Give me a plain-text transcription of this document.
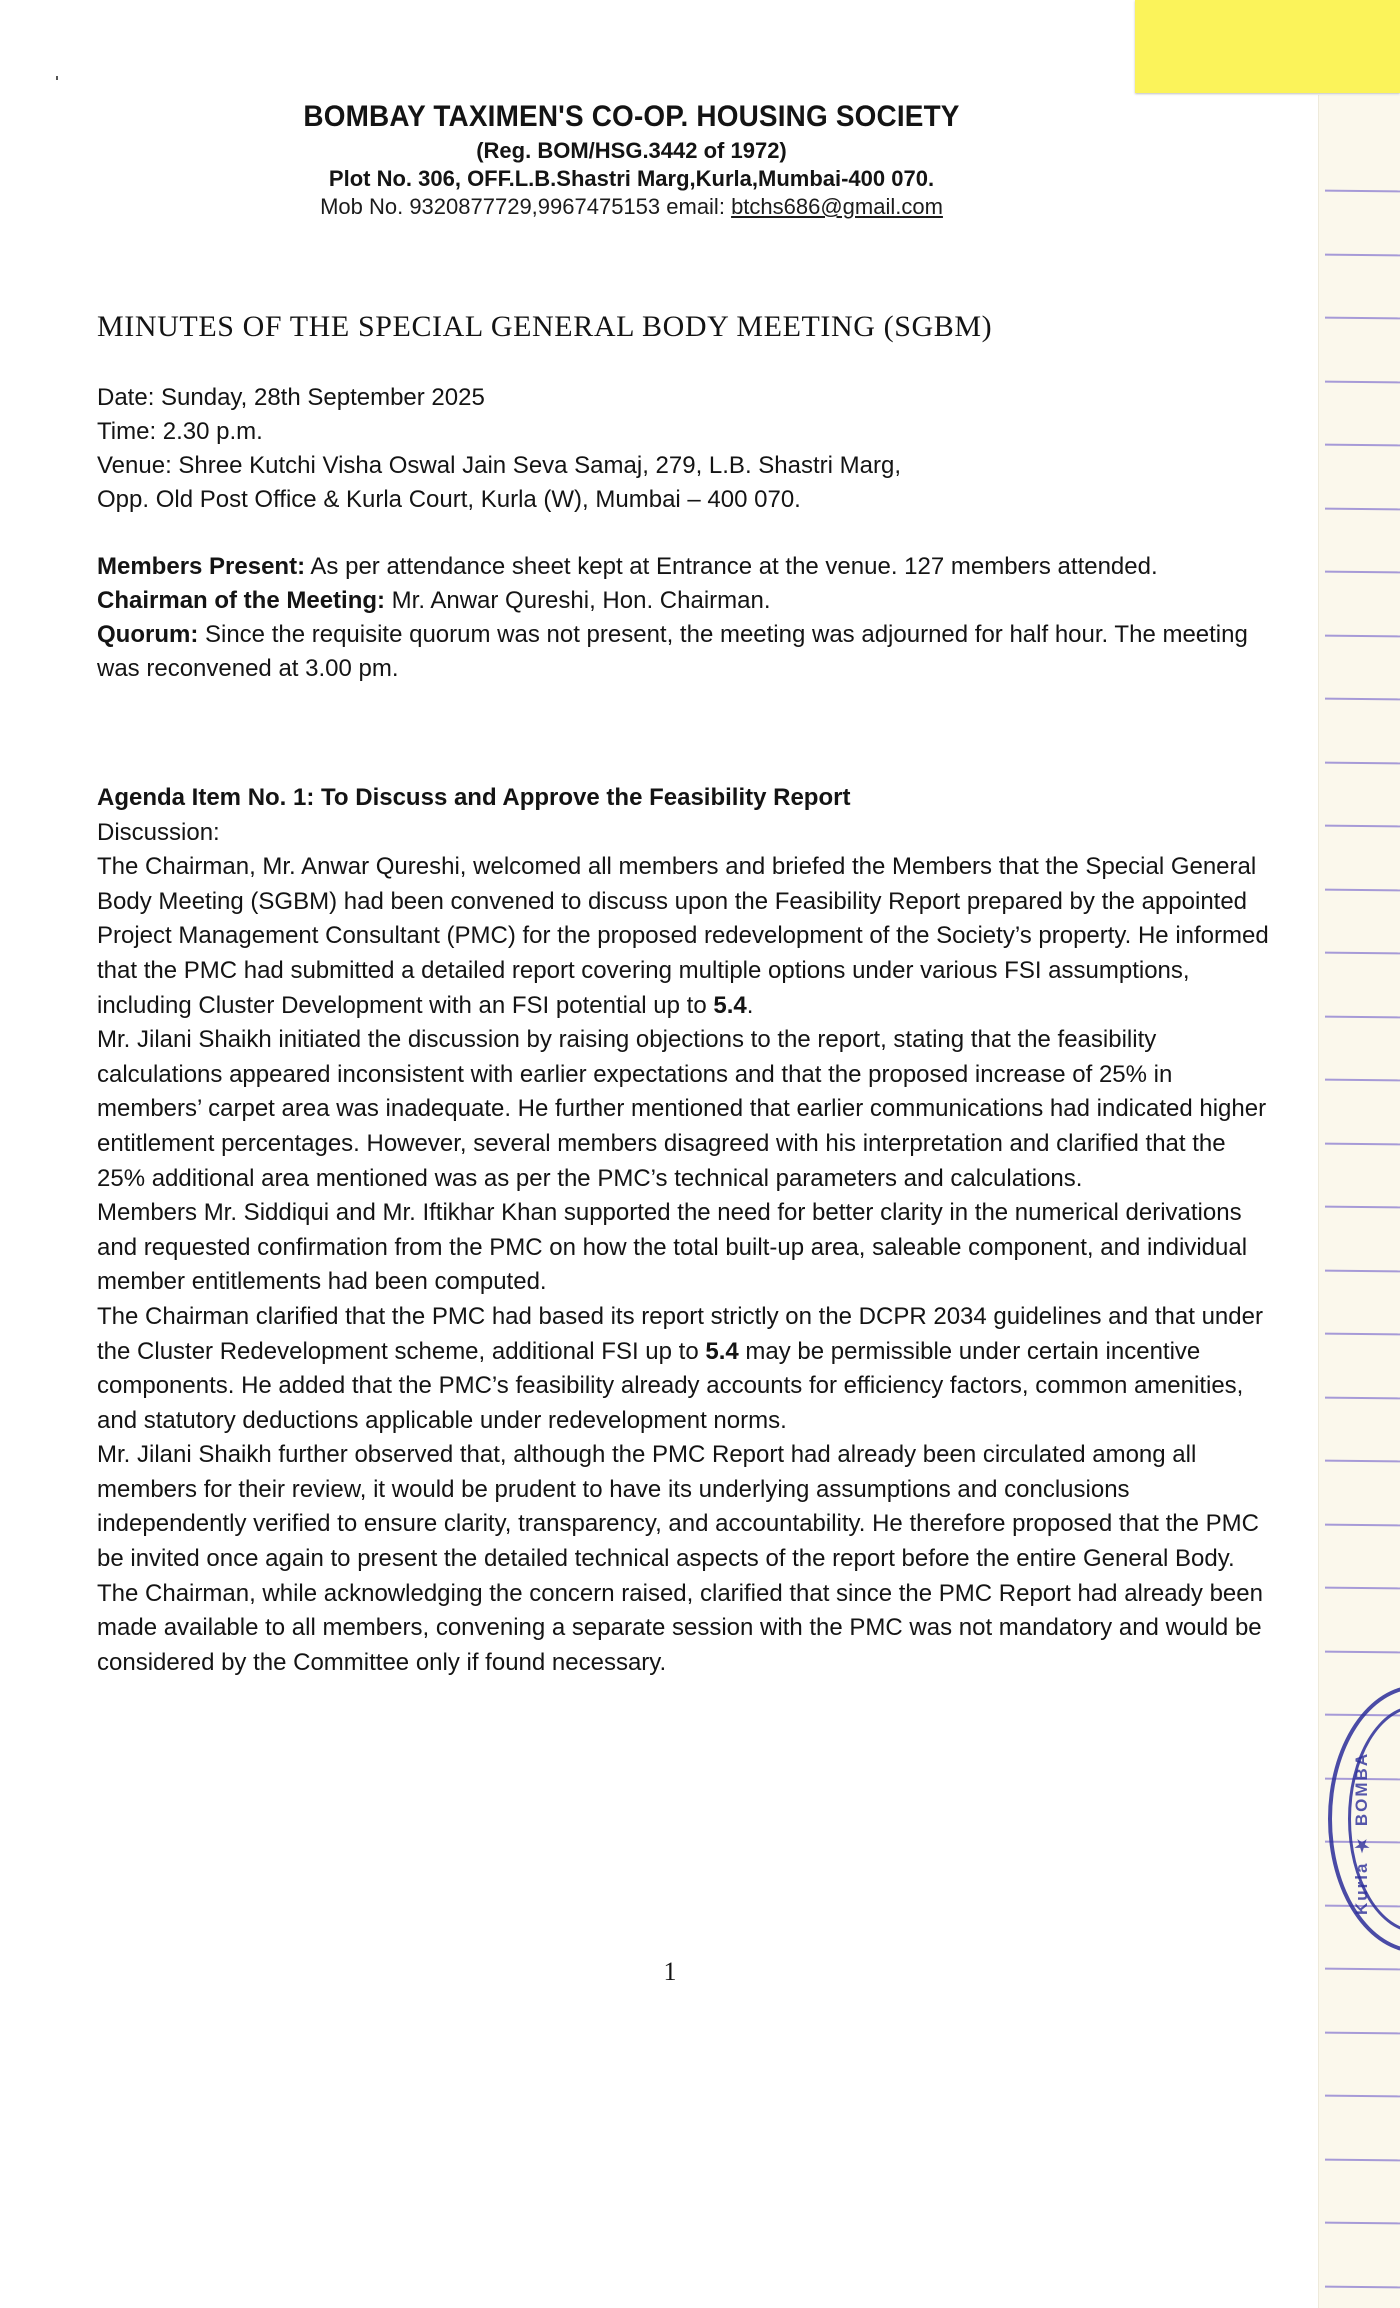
Kurla ★ BOMBA
BOMBAY TAXIMEN'S CO-OP. HOUSING SOCIETY
(Reg. BOM/HSG.3442 of 1972)
Plot No. 306, OFF.L.B.Shastri Marg,Kurla,Mumbai-400 070.
Mob No. 9320877729,9967475153 email: btchs686@gmail.com
MINUTES OF THE SPECIAL GENERAL BODY MEETING (SGBM)
Date: Sunday, 28th September 2025
Time: 2.30 p.m.
Venue: Shree Kutchi Visha Oswal Jain Seva Samaj, 279, L.B. Shastri Marg,
Opp. Old Post Office & Kurla Court, Kurla (W), Mumbai – 400 070.
Members Present: As per attendance sheet kept at Entrance at the venue. 127 members attended.
Chairman of the Meeting: Mr. Anwar Qureshi, Hon. Chairman.
Quorum: Since the requisite quorum was not present, the meeting was adjourned for half hour. The meeting was reconvened at 3.00 pm.
Agenda Item No. 1: To Discuss and Approve the Feasibility Report
Discussion:

The Chairman, Mr. Anwar Qureshi, welcomed all members and briefed the Members that the Special General Body Meeting (SGBM) had been convened to discuss upon the Feasibility Report prepared by the appointed Project Management Consultant (PMC) for the proposed redevelopment of the Society’s property. He informed that the PMC had submitted a detailed report covering multiple options under various FSI assumptions, including Cluster Development with an FSI potential up to 5.4.

Mr. Jilani Shaikh initiated the discussion by raising objections to the report, stating that the feasibility calculations appeared inconsistent with earlier expectations and that the proposed increase of 25% in members’ carpet area was inadequate. He further mentioned that earlier communications had indicated higher entitlement percentages. However, several members disagreed with his interpretation and clarified that the 25% additional area mentioned was as per the PMC’s technical parameters and calculations.

Members Mr. Siddiqui and Mr. Iftikhar Khan supported the need for better clarity in the numerical derivations and requested confirmation from the PMC on how the total built-up area, saleable component, and individual member entitlements had been computed.

The Chairman clarified that the PMC had based its report strictly on the DCPR 2034 guidelines and that under the Cluster Redevelopment scheme, additional FSI up to 5.4 may be permissible under certain incentive components. He added that the PMC’s feasibility already accounts for efficiency factors, common amenities, and statutory deductions applicable under redevelopment norms.

Mr. Jilani Shaikh further observed that, although the PMC Report had already been circulated among all members for their review, it would be prudent to have its underlying assumptions and conclusions independently verified to ensure clarity, transparency, and accountability. He therefore proposed that the PMC be invited once again to present the detailed technical aspects of the report before the entire General Body.

The Chairman, while acknowledging the concern raised, clarified that since the PMC Report had already been made available to all members, convening a separate session with the PMC was not mandatory and would be considered by the Committee only if found necessary.

1
